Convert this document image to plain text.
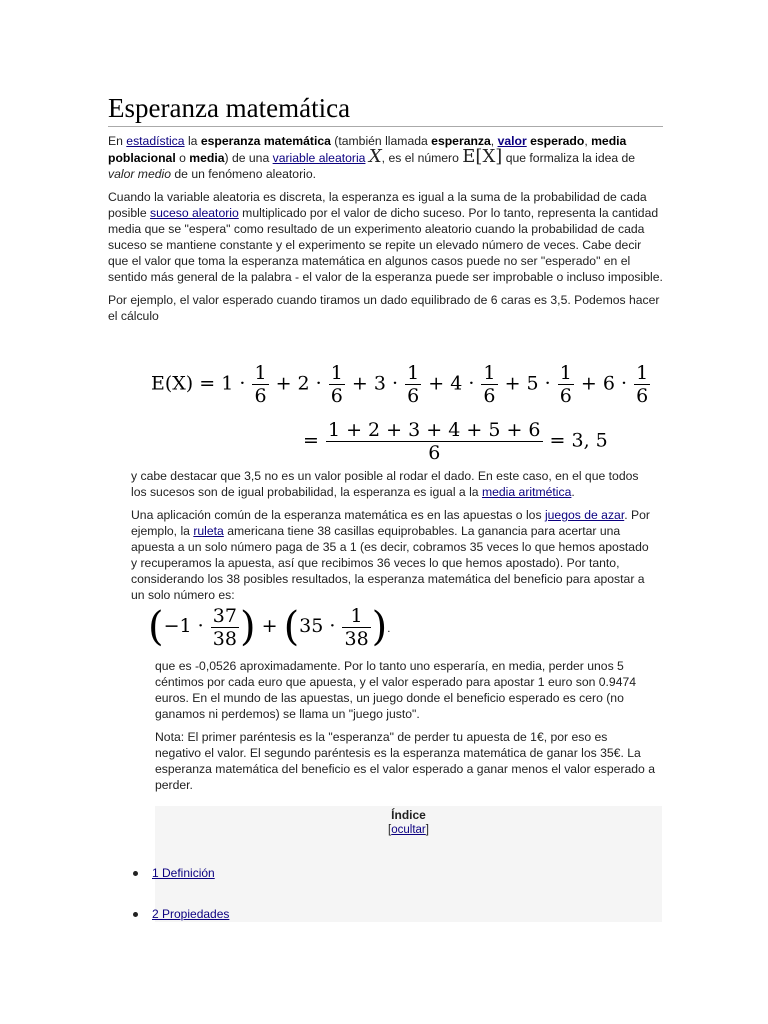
Esperanza matemática

En estadística la esperanza matemática (también llamada esperanza, valor esperado, media poblacional o media) de una variable aleatoria X, es el número E[X] que formaliza la idea de valor medio de un fenómeno aleatorio.

Cuando la variable aleatoria es discreta, la esperanza es igual a la suma de la probabilidad de cada posible suceso aleatorio multiplicado por el valor de dicho suceso. Por lo tanto, representa la cantidad media que se "espera" como resultado de un experimento aleatorio cuando la probabilidad de cada suceso se mantiene constante y el experimento se repite un elevado número de veces. Cabe decir que el valor que toma la esperanza matemática en algunos casos puede no ser "esperado" en el sentido más general de la palabra - el valor de la esperanza puede ser improbable o incluso imposible.

Por ejemplo, el valor esperado cuando tiramos un dado equilibrado de 6 caras es 3,5. Podemos hacer el cálculo

$E(X) = 1 \cdot \frac{1}{6} + 2 \cdot \frac{1}{6} + 3 \cdot \frac{1}{6} + 4 \cdot \frac{1}{6} + 5 \cdot \frac{1}{6} + 6 \cdot \frac{1}{6}$
= $\frac{1 + 2 + 3 + 4 + 5 + 6}{6} = 3$, 5

y cabe destacar que 3,5 no es un valor posible al rodar el dado. En este caso, en el que todos los sucesos son de igual probabilidad, la esperanza es igual a la media aritmética.

Una aplicación común de la esperanza matemática es en las apuestas o los juegos de azar. Por ejemplo, la ruleta americana tiene 38 casillas equiprobables. La ganancia para acertar una apuesta a un solo número paga de 35 a 1 (es decir, cobramos 35 veces lo que hemos apostado y recuperamos la apuesta, así que recibimos 36 veces lo que hemos apostado). Por tanto, considerando los 38 posibles resultados, la esperanza matemática del beneficio para apostar a un solo número es:

($-1 \cdot \frac{37}{38}$ ) + ($35 \cdot \frac{1}{38}$ ).

que es -0,0526 aproximadamente. Por lo tanto uno esperaría, en media, perder unos 5 céntimos por cada euro que apuesta, y el valor esperado para apostar 1 euro son 0.9474 euros. En el mundo de las apuestas, un juego donde el beneficio esperado es cero (no ganamos ni perdemos) se llama un "juego justo".

Nota: El primer paréntesis es la "esperanza" de perder tu apuesta de 1€, por eso es negativo el valor. El segundo paréntesis es la esperanza matemática de ganar los 35€. La esperanza matemática del beneficio es el valor esperado a ganar menos el valor esperado a perder.

Índice
[ocultar]
1 Definición
2 Propiedades
